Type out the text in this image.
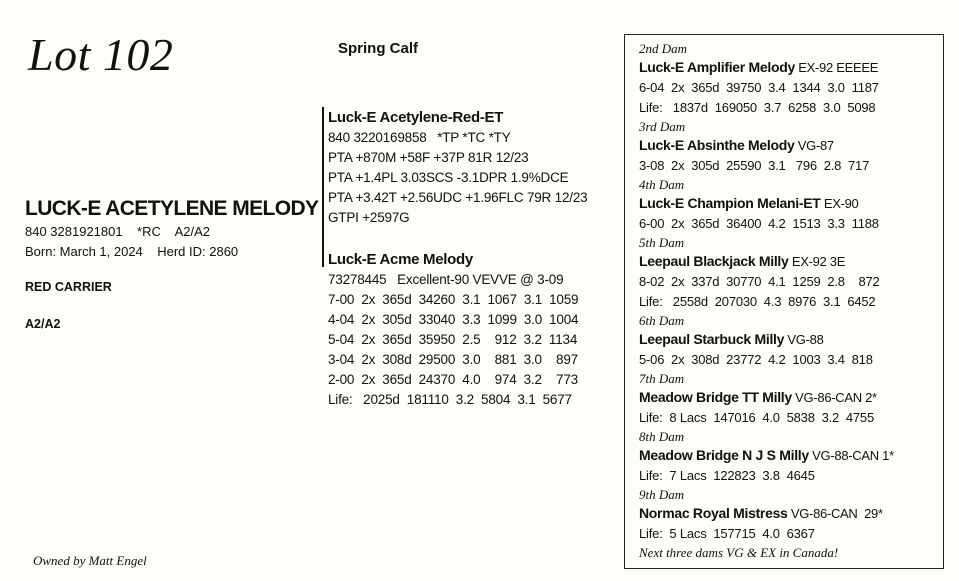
Lot 102	Spring Calf
LUCK-E ACETYLENE MELODY
840 3281921801    *RC    A2/A2
Born: March 1, 2024    Herd ID: 2860
RED CARRIER
A2/A2
Luck-E Acetylene-Red-ET
840 3220169858   *TP *TC *TY
PTA +870M +58F +37P 81R 12/23
PTA +1.4PL 3.03SCS -3.1DPR 1.9%DCE
PTA +3.42T +2.56UDC +1.96FLC 79R 12/23
GTPI +2597G
Luck-E Acme Melody
73278445   Excellent-90 VEVVE @ 3-09
7-00  2x  365d  34260  3.1  1067  3.1  1059
4-04  2x  305d  33040  3.3  1099  3.0  1004
5-04  2x  365d  35950  2.5    912  3.2  1134
3-04  2x  308d  29500  3.0    881  3.0    897
2-00  2x  365d  24370  4.0    974  3.2    773
Life:   2025d  181110  3.2  5804  3.1  5677
2nd Dam
Luck-E Amplifier Melody EX-92 EEEEE
6-04  2x  365d  39750  3.4  1344  3.0  1187
Life:   1837d  169050  3.7  6258  3.0  5098
3rd Dam
Luck-E Absinthe Melody VG-87
3-08  2x  305d  25590  3.1   796  2.8  717
4th Dam
Luck-E Champion Melani-ET EX-90
6-00  2x  365d  36400  4.2  1513  3.3  1188
5th Dam
Leepaul Blackjack Milly EX-92 3E
8-02  2x  337d  30770  4.1  1259  2.8    872
Life:   2558d  207030  4.3  8976  3.1  6452
6th Dam
Leepaul Starbuck Milly VG-88
5-06  2x  308d  23772  4.2  1003  3.4  818
7th Dam
Meadow Bridge TT Milly VG-86-CAN 2*
Life:  8 Lacs  147016  4.0  5838  3.2  4755
8th Dam
Meadow Bridge N J S Milly VG-88-CAN 1*
Life:  7 Lacs  122823  3.8  4645
9th Dam
Normac Royal Mistress VG-86-CAN  29*
Life:  5 Lacs  157715  4.0  6367
Next three dams VG & EX in Canada!
Owned by Matt Engel
